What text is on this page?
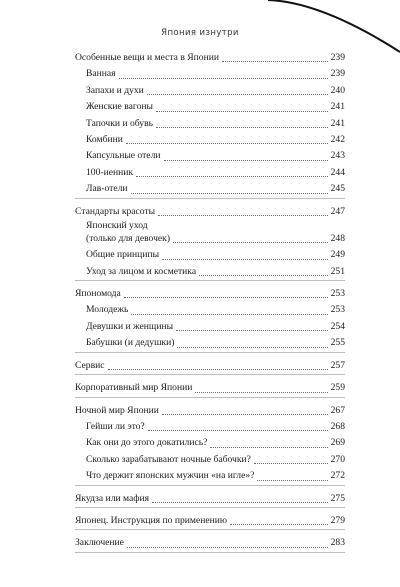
Япония изнутри
Особенные вещи и места в Японии	239
Ванная	239
Запахи и духи	240
Женские вагоны	241
Тапочки и обувь	241
Комбини	242
Капсульные отели	243
100-иенник	244
Лав-отели	245
Стандарты красоты	247
Японский уход
(только для девочек)	248
Общие принципы	249
Уход за лицом и косметика	251
Япономода	253
Молодежь	253
Девушки и женщины	254
Бабушки (и дедушки)	255
Сервис	257
Корпоративный мир Японии	259
Ночной мир Японии	267
Гейши ли это?	268
Как они до этого докатились?	269
Сколько зарабатывают ночные бабочки?	270
Что держит японских мужчин «на игле»?	272
Якудза или мафия	275
Японец. Инструкция по применению	279
Заключение	283
